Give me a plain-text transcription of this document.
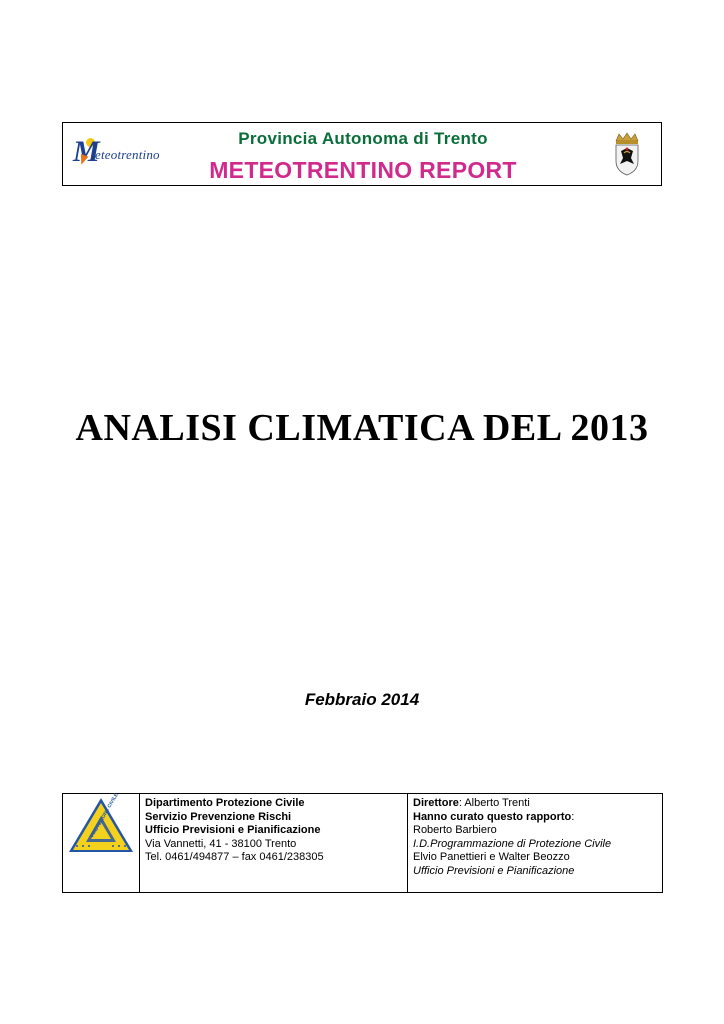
M
eteotrentino

Provincia Autonoma di Trento

METEOTRENTINO REPORT

ANALISI CLIMATICA DEL 2013

Febbraio 2014

PROTEZIONE CIVILE	Dipartimento Protezione Civile
Servizio Prevenzione Rischi
Ufficio Previsioni e Pianificazione
Via Vannetti, 41 - 38100 Trento
Tel. 0461/494877 – fax 0461/238305

Direttore: Alberto Trenti
Hanno curato questo rapporto:
Roberto Barbiero
I.D.Programmazione di Protezione Civile
Elvio Panettieri e Walter Beozzo
Ufficio Previsioni e Pianificazione
